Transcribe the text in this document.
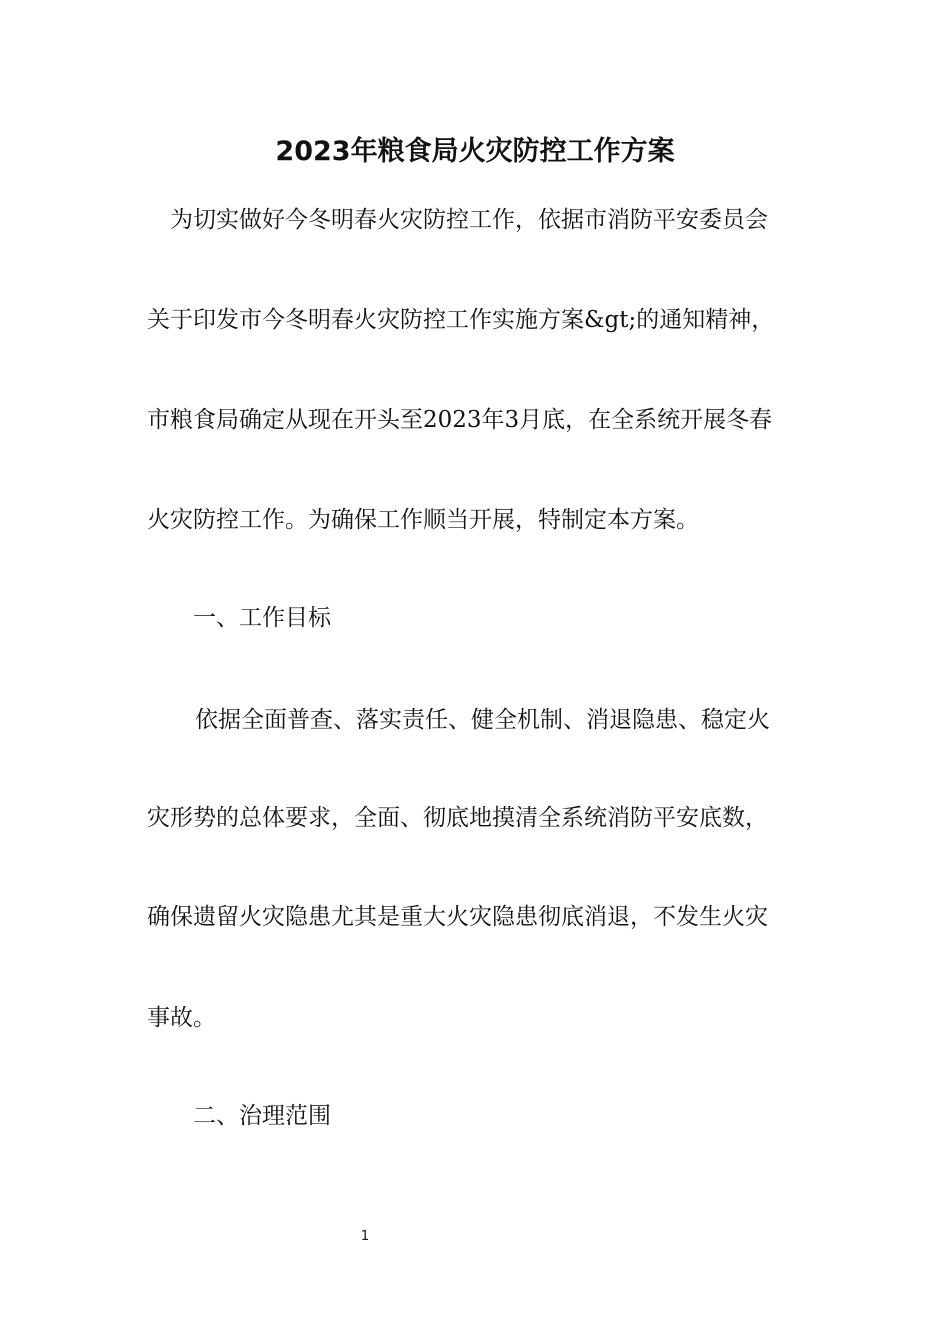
2023年粮食局火灾防控工作方案
为切实做好今冬明春火灾防控工作，依据市消防平安委员会
关于印发市今冬明春火灾防控工作实施方案&gt;的通知精神，
市粮食局确定从现在开头至2023年3月底，在全系统开展冬春
火灾防控工作。为确保工作顺当开展，特制定本方案。
一、工作目标
依据全面普查、落实责任、健全机制、消退隐患、稳定火
灾形势的总体要求，全面、彻底地摸清全系统消防平安底数，
确保遗留火灾隐患尤其是重大火灾隐患彻底消退，不发生火灾
事故。
二、治理范围
1
